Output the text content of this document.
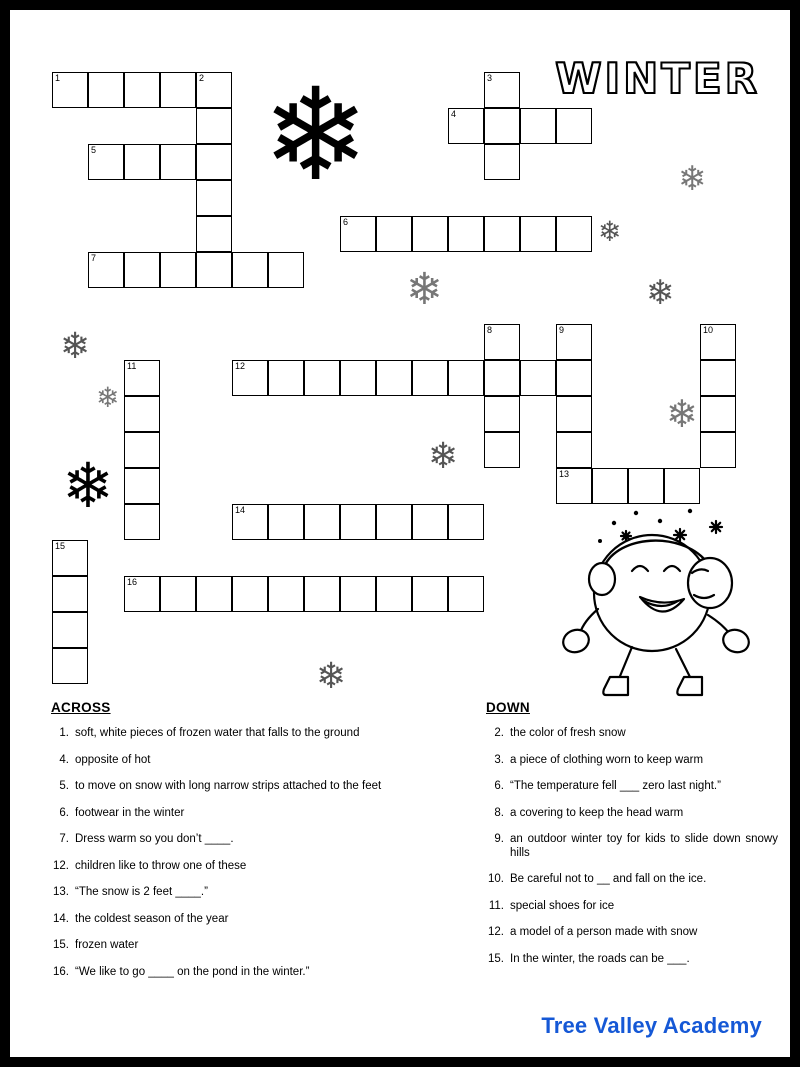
WINTER
1	2	3
4
5
6
7
8	9	10
11	12
13
14
15
16
❄	❄
❄
❄	❄
❄
❄	❄
❄
❄
❄
ACROSS
1. soft, white pieces of frozen water that falls to the ground
4. opposite of hot
5. to move on snow with long narrow strips attached to the feet
6. footwear in the winter
7. Dress warm so you don’t ____.
12. children like to throw one of these
13. “The snow is 2 feet ____.”
14. the coldest season of the year
15. frozen water
16. “We like to go ____ on the pond in the winter.”
DOWN
2. the color of fresh snow
3. a piece of clothing worn to keep warm
6. “The temperature fell ___ zero last night.”
8. a covering to keep the head warm
9. an outdoor winter toy for kids to slide down snowy hills
10. Be careful not to __ and fall on the ice.
11. special shoes for ice
12. a model of a person made with snow
15. In the winter, the roads can be ___.
Tree Valley Academy
